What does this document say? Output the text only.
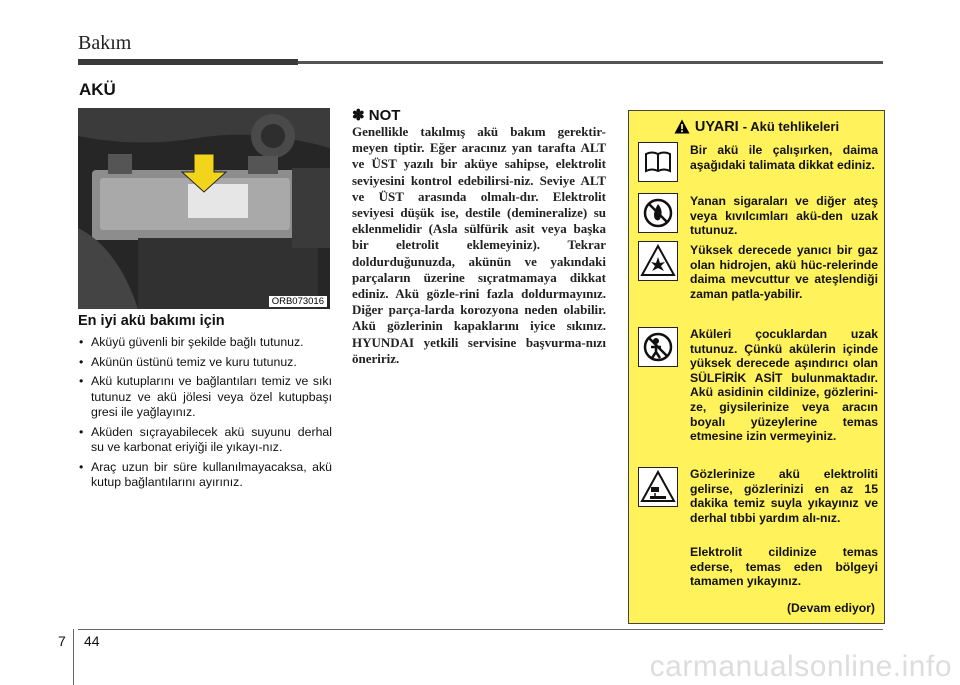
Bakım
AKÜ
ORB073016
En iyi akü bakımı için
• Aküyü güvenli bir şekilde bağlı tutunuz.
• Akünün üstünü temiz ve kuru tutunuz.
• Akü kutuplarını ve bağlantıları temiz ve sıkı tutunuz ve akü jölesi veya özel kutupbaşı gresi ile yağlayınız.
• Aküden sıçrayabilecek akü suyunu derhal su ve karbonat eriyiği ile yıkayı-nız.
• Araç uzun bir süre kullanılmayacaksa, akü kutup bağlantılarını ayırınız.
✽ NOT
Genellikle takılmış akü bakım gerektir-meyen tiptir. Eğer aracınız yan tarafta ALT ve ÜST yazılı bir aküye sahipse, elektrolit seviyesini kontrol edebilirsi-niz. Seviye ALT ve ÜST arasında olmalı-dır. Elektrolit seviyesi düşük ise, destile (demineralize) su eklenmelidir (Asla sülfürik asit veya başka bir eletrolit eklemeyiniz). Tekrar doldurduğunuzda, akünün ve yakındaki parçaların üzerine sıçratmamaya dikkat ediniz. Akü gözle-rini fazla doldurmayınız. Diğer parça-larda korozyona neden olabilir. Akü gözlerinin kapaklarını iyice sıkınız. HYUNDAI yetkili servisine başvurma-nızı öneririz.
UYARI - Akü tehlikeleri
Bir akü ile çalışırken, daima aşağıdaki talimata dikkat ediniz.
Yanan sigaraları ve diğer ateş veya kıvılcımları akü-den uzak tutunuz.
Yüksek derecede yanıcı bir gaz olan hidrojen, akü hüc-relerinde daima mevcuttur ve ateşlendiği zaman patla-yabilir.
Aküleri çocuklardan uzak tutunuz. Çünkü akülerin içinde yüksek derecede aşındırıcı olan SÜLFİRİK ASİT bulunmaktadır. Akü asidinin cildinize, gözlerini-ze, giysilerinize veya aracın boyalı yüzeylerine temas etmesine izin vermeyiniz.
Gözlerinize akü elektroliti gelirse, gözlerinizi en az 15 dakika temiz suyla yıkayınız ve derhal tıbbi yardım alı-nız.
Elektrolit cildinize temas ederse, temas eden bölgeyi tamamen yıkayınız.
(Devam ediyor)
7 44
carmanualsonline.info
